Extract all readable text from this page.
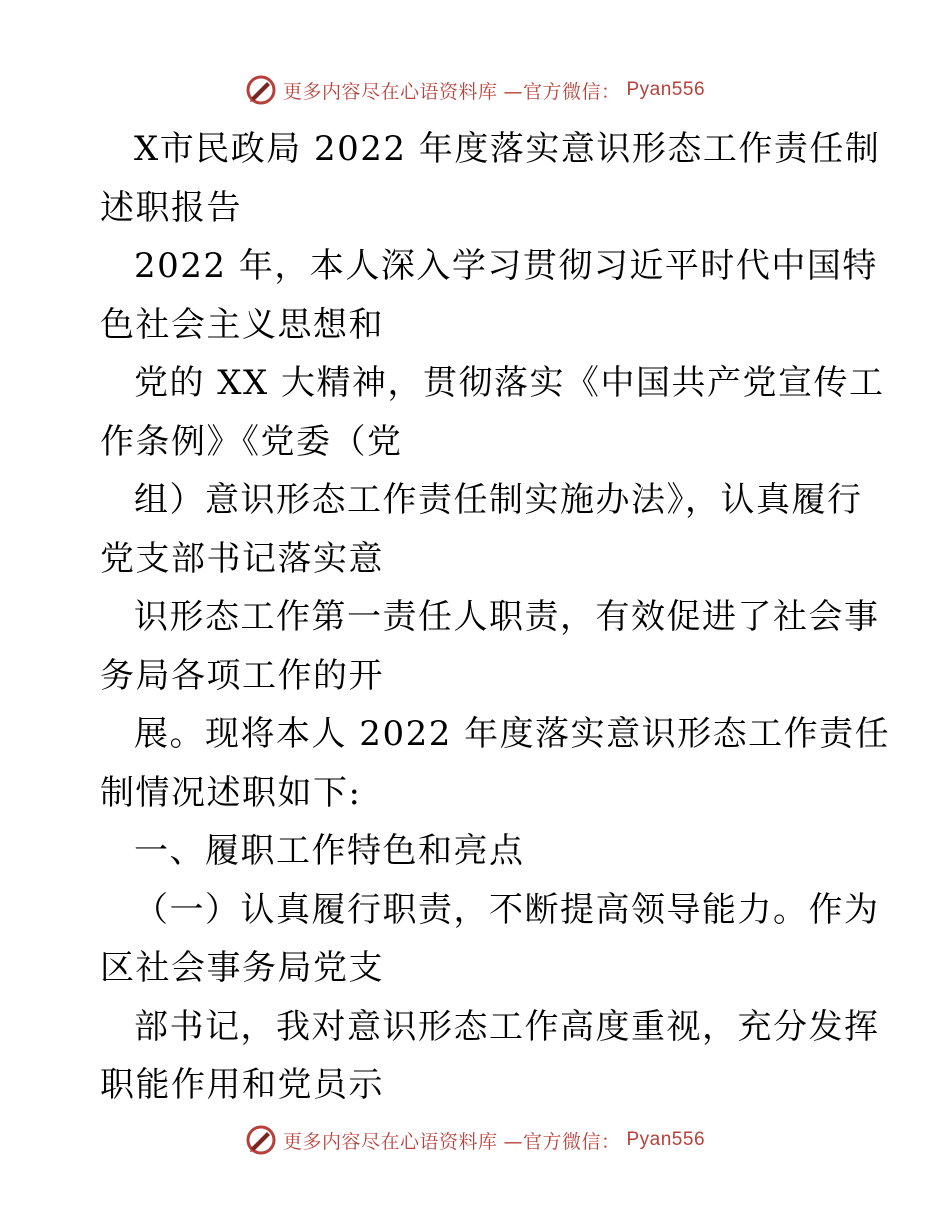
更多内容尽在心语资料库 —官方微信： Pyan556
X市民政局 2022 年度落实意识形态工作责任制
述职报告
2022 年，本人深入学习贯彻习近平时代中国特
色社会主义思想和
党的 XX 大精神，贯彻落实《中国共产党宣传工
作条例》《党委（党
组）意识形态工作责任制实施办法》，认真履行
党支部书记落实意
识形态工作第一责任人职责，有效促进了社会事
务局各项工作的开
展。现将本人 2022 年度落实意识形态工作责任
制情况述职如下:
一、履职工作特色和亮点
（一）认真履行职责，不断提高领导能力。作为
区社会事务局党支
部书记，我对意识形态工作高度重视，充分发挥
职能作用和党员示
更多内容尽在心语资料库 —官方微信： Pyan556
